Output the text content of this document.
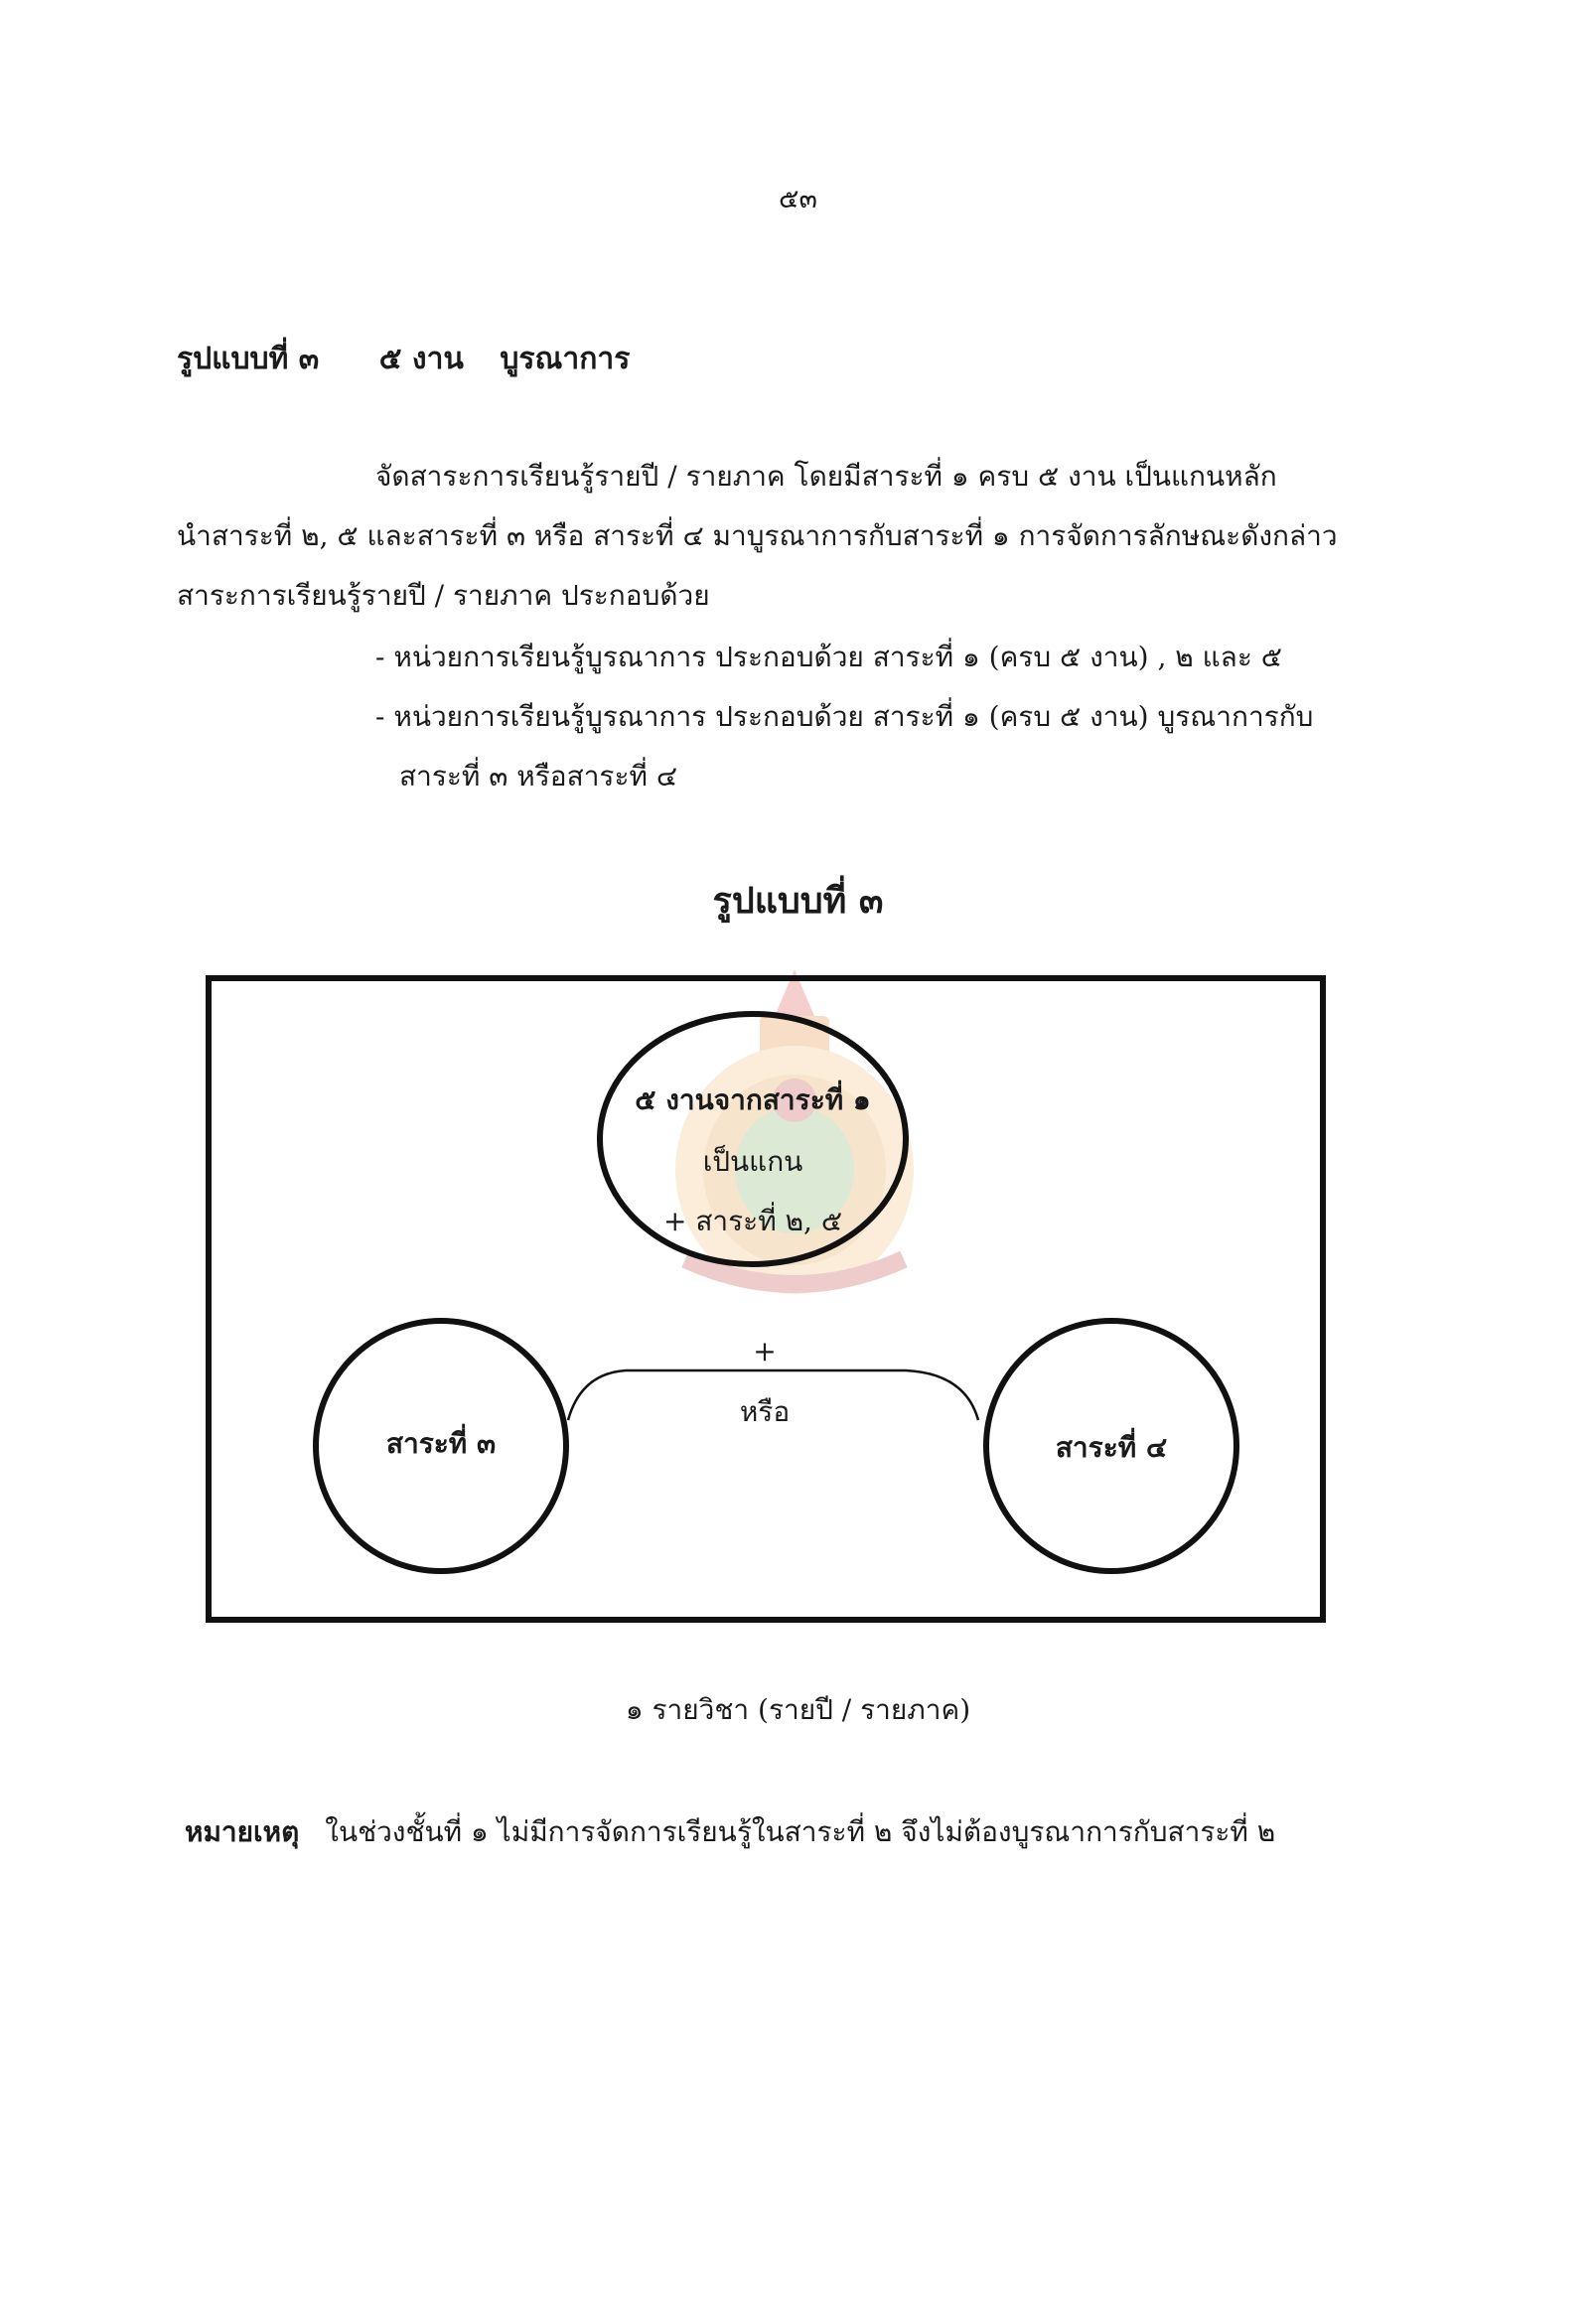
๕๓
รูปแบบที่ ๓ ๕ งาน บูรณาการ
จัดสาระการเรียนรู้รายปี / รายภาค โดยมีสาระที่ ๑ ครบ ๕ งาน เป็นแกนหลัก
นำสาระที่ ๒, ๕ และสาระที่ ๓ หรือ สาระที่ ๔ มาบูรณาการกับสาระที่ ๑ การจัดการลักษณะดังกล่าว
สาระการเรียนรู้รายปี / รายภาค ประกอบด้วย
- หน่วยการเรียนรู้บูรณาการ ประกอบด้วย สาระที่ ๑ (ครบ ๕ งาน) , ๒ และ ๕
- หน่วยการเรียนรู้บูรณาการ ประกอบด้วย สาระที่ ๑ (ครบ ๕ งาน) บูรณาการกับ
สาระที่ ๓ หรือสาระที่ ๔
รูปแบบที่ ๓
๕ งานจากสาระที่ ๑
เป็นแกน
+ สาระที่ ๒, ๕
+
หรือ
สาระที่ ๓	สาระที่ ๔
๑ รายวิชา (รายปี / รายภาค)
หมายเหตุ ในช่วงชั้นที่ ๑ ไม่มีการจัดการเรียนรู้ในสาระที่ ๒ จึงไม่ต้องบูรณาการกับสาระที่ ๒
